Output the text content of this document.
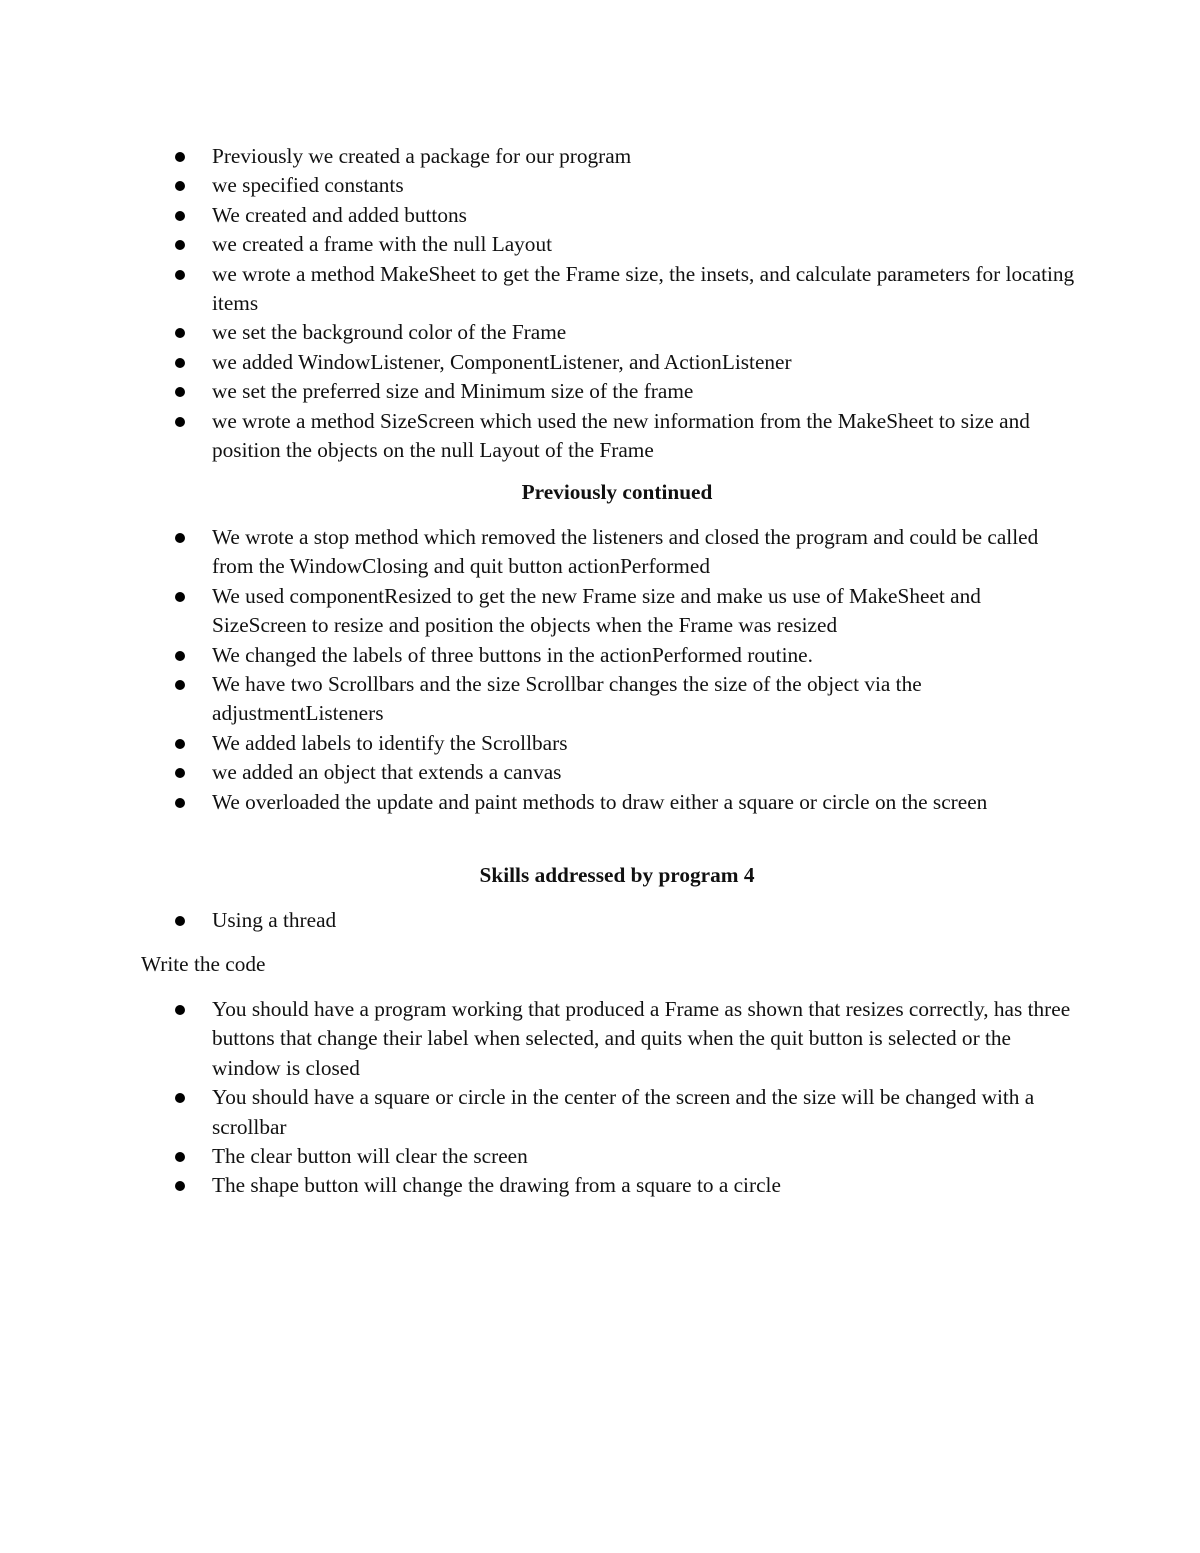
Previously we created a package for our program
we specified constants
We created and added buttons
we created a frame with the null Layout
we wrote a method MakeSheet to get the Frame size, the insets, and calculate parameters for locating items
we set the background color of the Frame
we added WindowListener, ComponentListener, and ActionListener
we set the preferred size and Minimum size of the frame
we wrote a method SizeScreen which used the new information from the MakeSheet to size and position the objects on the null Layout of the Frame
Previously continued
We wrote a stop method which removed the listeners and closed the program and could be called from the WindowClosing and quit button actionPerformed
We used componentResized to get the new Frame size and make us use of MakeSheet and SizeScreen to resize and position the objects when the Frame was resized
We changed the labels of three buttons in the actionPerformed routine.
We have two Scrollbars and the size Scrollbar changes the size of the object via the adjustmentListeners
We added labels to identify the Scrollbars
we added an object that extends a canvas
We overloaded the update and paint methods to draw either a square or circle on the screen
Skills addressed by program 4
Using a thread
Write the code
You should have a program working that produced a Frame as shown that resizes correctly, has three buttons that change their label when selected, and quits when the quit button is selected or the window is closed
You should have a square or circle in the center of the screen and the size will be changed with a scrollbar
The clear button will clear the screen
The shape button will change the drawing from a square to a circle
